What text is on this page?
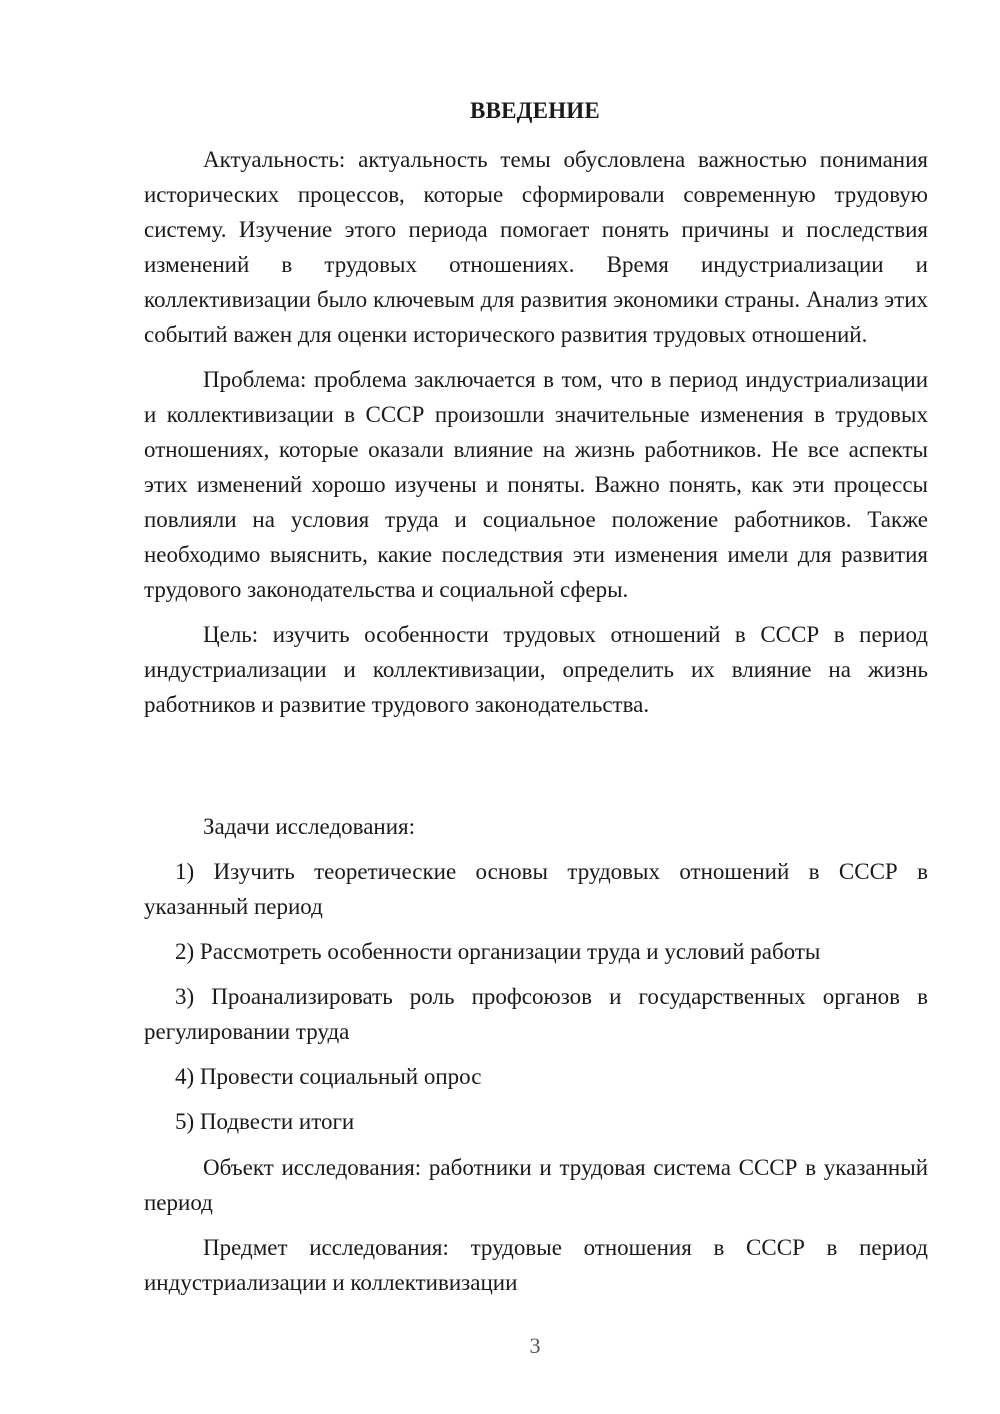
ВВЕДЕНИЕ

Актуальность: актуальность темы обусловлена важностью понимания исторических процессов, которые сформировали современную трудовую систему. Изучение этого периода помогает понять причины и последствия изменений в трудовых отношениях. Время индустриализации и коллективизации было ключевым для развития экономики страны. Анализ этих событий важен для оценки исторического развития трудовых отношений.

Проблема: проблема заключается в том, что в период индустриализации и коллективизации в СССР произошли значительные изменения в трудовых отношениях, которые оказали влияние на жизнь работников. Не все аспекты этих изменений хорошо изучены и поняты. Важно понять, как эти процессы повлияли на условия труда и социальное положение работников. Также необходимо выяснить, какие последствия эти изменения имели для развития трудового законодательства и социальной сферы.

Цель: изучить особенности трудовых отношений в СССР в период индустриализации и коллективизации, определить их влияние на жизнь работников и развитие трудового законодательства.

Задачи исследования:

1) Изучить теоретические основы трудовых отношений в СССР в указанный период

2) Рассмотреть особенности организации труда и условий работы

3) Проанализировать роль профсоюзов и государственных органов в регулировании труда

4) Провести социальный опрос

5) Подвести итоги

Объект исследования: работники и трудовая система СССР в указанный период

Предмет исследования: трудовые отношения в СССР в период индустриализации и коллективизации

3
